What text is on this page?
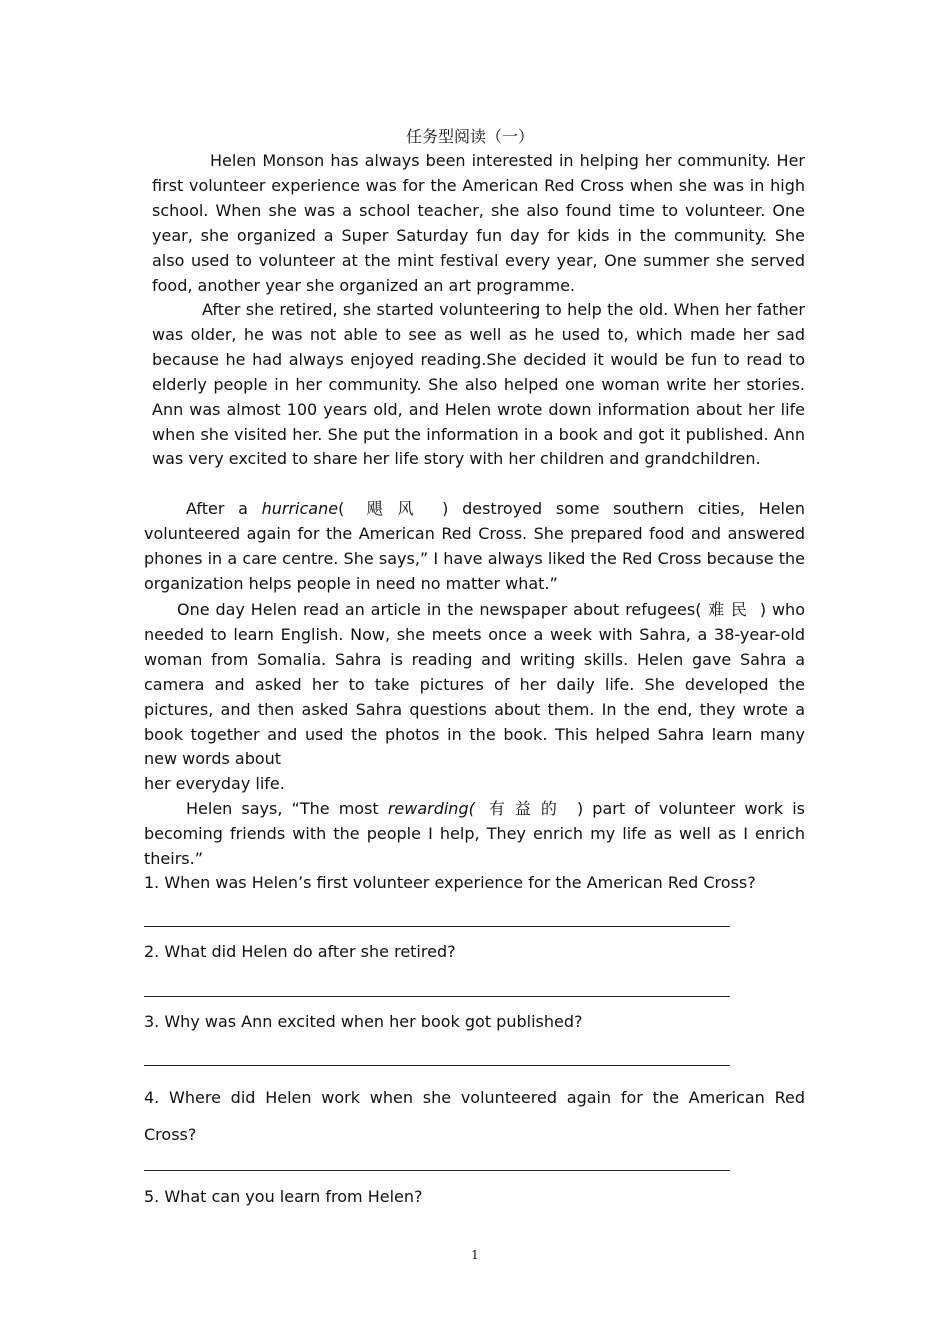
任务型阅读（一）

Helen Monson has always been interested in helping her community. Her first volunteer experience was for the American Red Cross when she was in high school. When she was a school teacher, she also found time to volunteer. One year, she organized a Super Saturday fun day for kids in the community. She also used to volunteer at the mint festival every year, One summer she served food, another year she organized an art programme.

After she retired, she started volunteering to help the old. When her father was older, he was not able to see as well as he used to, which made her sad because he had always enjoyed reading.She decided it would be fun to read to elderly people in her community. She also helped one woman write her stories. Ann was almost 100 years old, and Helen wrote down information about her life when she visited her. She put the information in a book and got it published. Ann was very excited to share her life story with her children and grandchildren.

After a hurricane( 飓风 ) destroyed some southern cities, Helen volunteered again for the American Red Cross. She prepared food and answered phones in a care centre. She says,” I have always liked the Red Cross because the organization helps people in need no matter what.”

One day Helen read an article in the newspaper about refugees( 难民 ) who needed to learn English. Now, she meets once a week with Sahra, a 38-year-old woman from Somalia. Sahra is reading and writing skills. Helen gave Sahra a camera and asked her to take pictures of her daily life. She developed the pictures, and then asked Sahra questions about them. In the end, they wrote a book together and used the photos in the book. This helped Sahra learn many new words about

her everyday life.

Helen says, “The most rewarding( 有益的 ) part of volunteer work is becoming friends with the people I help, They enrich my life as well as I enrich theirs.”

1. When was Helen’s first volunteer experience for the American Red Cross?
2. What did Helen do after she retired?
3. Why was Ann excited when her book got published?
4. Where did Helen work when she volunteered again for the American Red Cross?
5. What can you learn from Helen?
1
